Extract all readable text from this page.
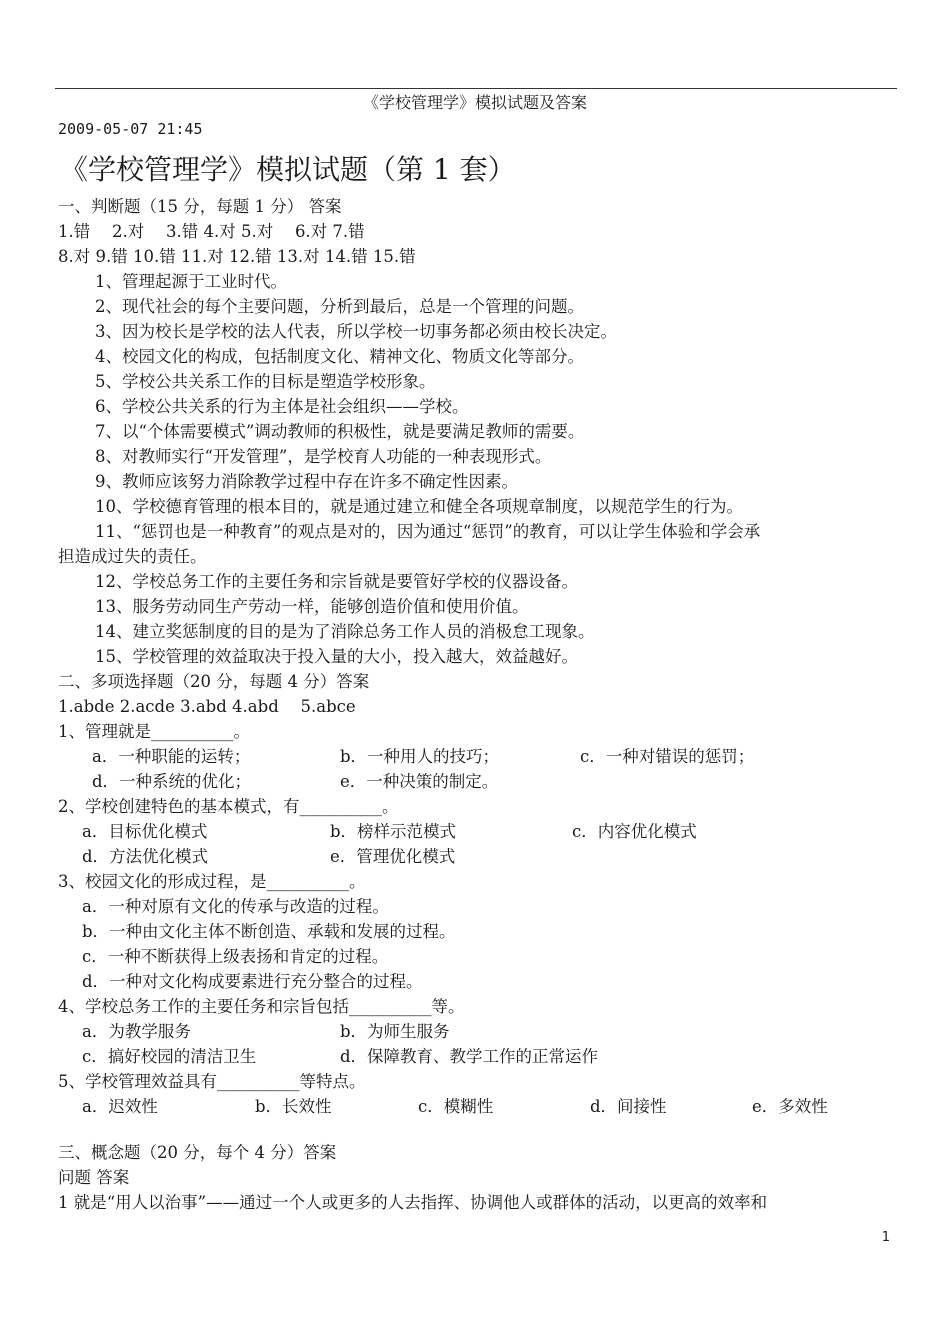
《学校管理学》模拟试题及答案
2009-05-07 21:45
《学校管理学》模拟试题（第 1 套）
一、判断题（15 分，每题 1 分） 答案
1.错　 2.对　 3.错 4.对 5.对　 6.对 7.错
8.对 9.错 10.错 11.对 12.错 13.对 14.错 15.错
1、管理起源于工业时代。
2、现代社会的每个主要问题，分析到最后，总是一个管理的问题。
3、因为校长是学校的法人代表，所以学校一切事务都必须由校长决定。
4、校园文化的构成，包括制度文化、精神文化、物质文化等部分。
5、学校公共关系工作的目标是塑造学校形象。
6、学校公共关系的行为主体是社会组织——学校。
7、以“个体需要模式”调动教师的积极性，就是要满足教师的需要。
8、对教师实行“开发管理”，是学校育人功能的一种表现形式。
9、教师应该努力消除教学过程中存在许多不确定性因素。
10、学校德育管理的根本目的，就是通过建立和健全各项规章制度，以规范学生的行为。
11、“惩罚也是一种教育”的观点是对的，因为通过“惩罚”的教育，可以让学生体验和学会承
担造成过失的责任。
12、学校总务工作的主要任务和宗旨就是要管好学校的仪器设备。
13、服务劳动同生产劳动一样，能够创造价值和使用价值。
14、建立奖惩制度的目的是为了消除总务工作人员的消极怠工现象。
15、学校管理的效益取决于投入量的大小，投入越大，效益越好。
二、多项选择题（20 分，每题 4 分）答案
1.abde 2.acde 3.abd 4.abd　 5.abce
1、管理就是__________。
a．一种职能的运转；	b．一种用人的技巧；	c．一种对错误的惩罚；
d．一种系统的优化；	e．一种决策的制定。
2、学校创建特色的基本模式，有__________。
a．目标优化模式	b．榜样示范模式	c．内容优化模式
d．方法优化模式	e．管理优化模式
3、校园文化的形成过程，是__________。
a．一种对原有文化的传承与改造的过程。
b．一种由文化主体不断创造、承载和发展的过程。
c．一种不断获得上级表扬和肯定的过程。
d．一种对文化构成要素进行充分整合的过程。
4、学校总务工作的主要任务和宗旨包括__________等。
a．为教学服务	b．为师生服务
c．搞好校园的清洁卫生	d．保障教育、教学工作的正常运作
5、学校管理效益具有__________等特点。
a．迟效性	b．长效性	c．模糊性	d．间接性	e．多效性
三、概念题（20 分，每个 4 分）答案
问题 答案
1 就是“用人以治事”——通过一个人或更多的人去指挥、协调他人或群体的活动，以更高的效率和
1
